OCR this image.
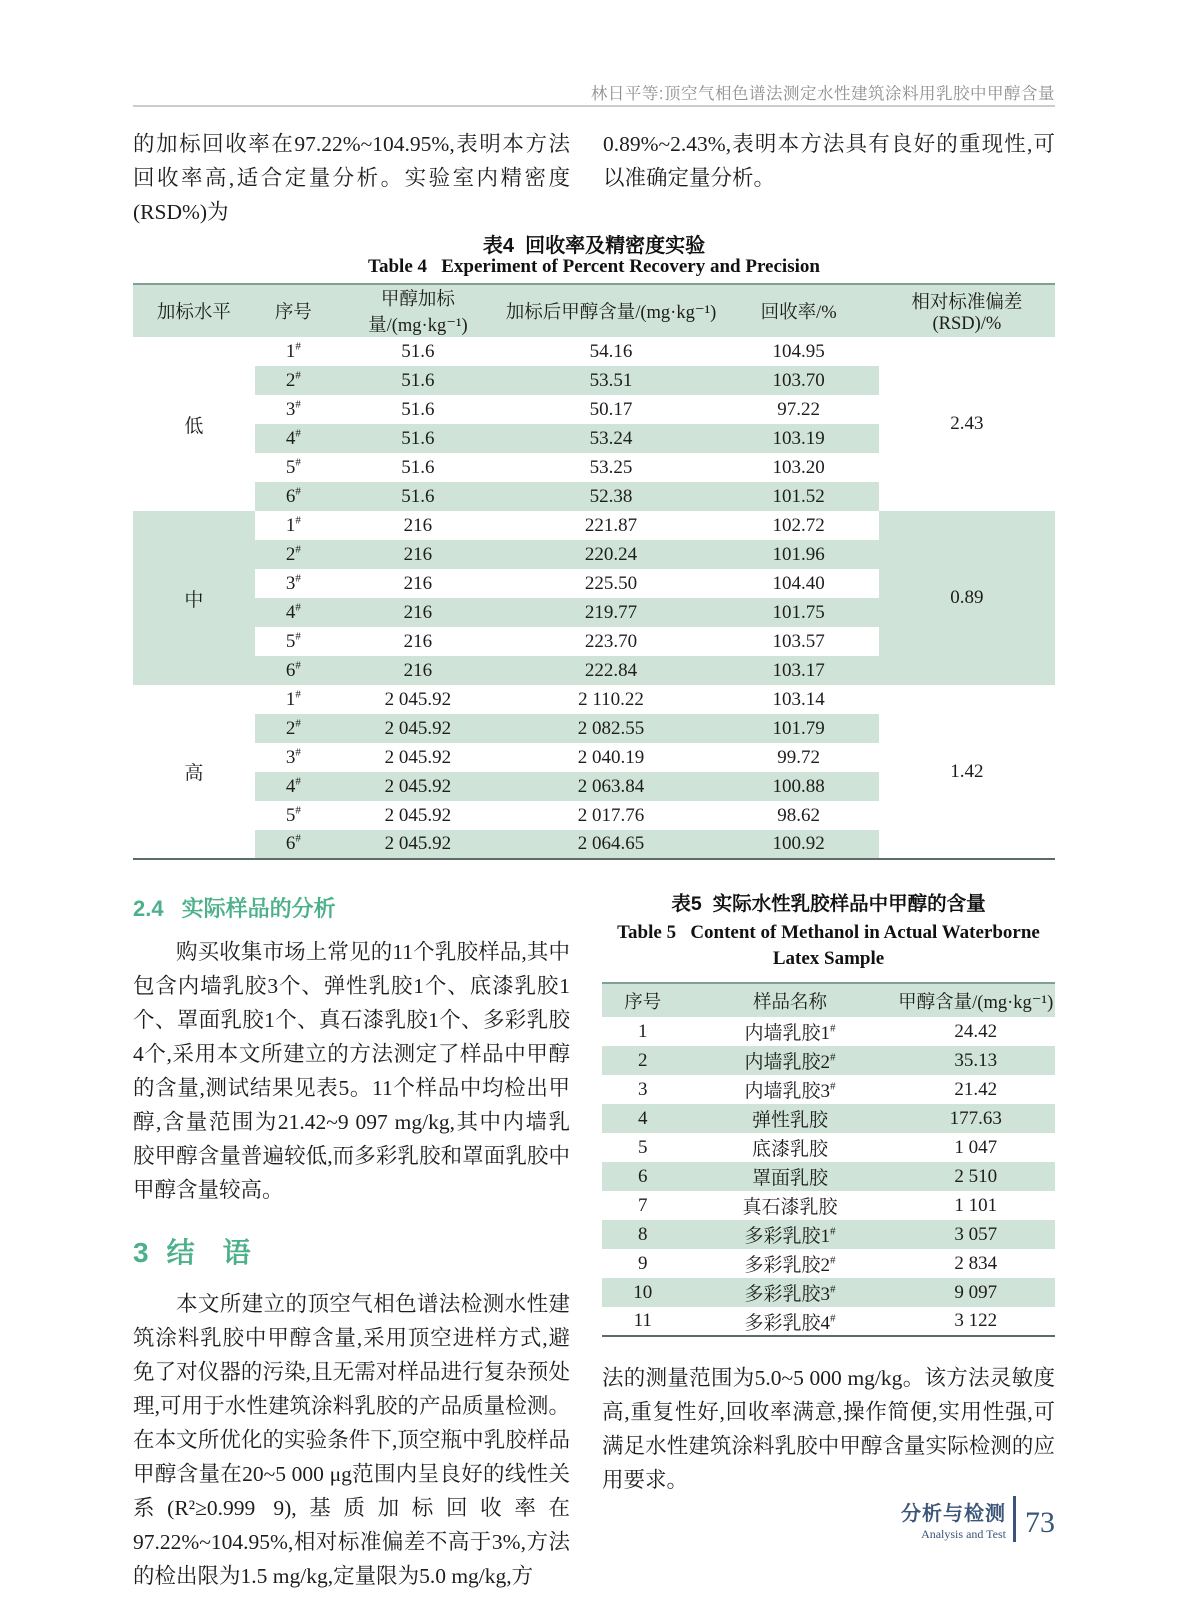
林日平等:顶空气相色谱法测定水性建筑涂料用乳胶中甲醇含量

的加标回收率在97.22%~104.95%,表明本方法回收率高,适合定量分析。实验室内精密度(RSD%)为

0.89%~2.43%,表明本方法具有良好的重现性,可以准确定量分析。

表4  回收率及精密度实验
Table 4   Experiment of Percent Recovery and Precision
加标水平	序号	甲醇加标量/(mg·kg⁻¹)	加标后甲醇含量/(mg·kg⁻¹)	回收率/%	相对标准偏差(RSD)/%
低	1#	51.6	54.16	104.95	2.43
	2#	51.6	53.51	103.70	
	3#	51.6	50.17	97.22	
	4#	51.6	53.24	103.19	
	5#	51.6	53.25	103.20	
	6#	51.6	52.38	101.52	
中	1#	216	221.87	102.72	0.89
	2#	216	220.24	101.96	
	3#	216	225.50	104.40	
	4#	216	219.77	101.75	
	5#	216	223.70	103.57	
	6#	216	222.84	103.17	
高	1#	2 045.92	2 110.22	103.14	1.42
	2#	2 045.92	2 082.55	101.79	
	3#	2 045.92	2 040.19	99.72	
	4#	2 045.92	2 063.84	100.88	
	5#	2 045.92	2 017.76	98.62	
	6#	2 045.92	2 064.65	100.92	
2.4 实际样品的分析

购买收集市场上常见的11个乳胶样品,其中包含内墙乳胶3个、弹性乳胶1个、底漆乳胶1个、罩面乳胶1个、真石漆乳胶1个、多彩乳胶4个,采用本文所建立的方法测定了样品中甲醇的含量,测试结果见表5。11个样品中均检出甲醇,含量范围为21.42~9 097 mg/kg,其中内墙乳胶甲醇含量普遍较低,而多彩乳胶和罩面乳胶中甲醇含量较高。

3 结　语

本文所建立的顶空气相色谱法检测水性建筑涂料乳胶中甲醇含量,采用顶空进样方式,避免了对仪器的污染,且无需对样品进行复杂预处理,可用于水性建筑涂料乳胶的产品质量检测。在本文所优化的实验条件下,顶空瓶中乳胶样品甲醇含量在20~5 000 μg范围内呈良好的线性关系(R²≥0.999 9),基质加标回收率在97.22%~104.95%,相对标准偏差不高于3%,方法的检出限为1.5 mg/kg,定量限为5.0 mg/kg,方

表5  实际水性乳胶样品中甲醇的含量
Table 5   Content of Methanol in Actual Waterborne Latex Sample
序号	样品名称	甲醇含量/(mg·kg⁻¹)
1	内墙乳胶1#	24.42
2	内墙乳胶2#	35.13
3	内墙乳胶3#	21.42
4	弹性乳胶	177.63
5	底漆乳胶	1 047
6	罩面乳胶	2 510
7	真石漆乳胶	1 101
8	多彩乳胶1#	3 057
9	多彩乳胶2#	2 834
10	多彩乳胶3#	9 097
11	多彩乳胶4#	3 122

法的测量范围为5.0~5 000 mg/kg。该方法灵敏度高,重复性好,回收率满意,操作简便,实用性强,可满足水性建筑涂料乳胶中甲醇含量实际检测的应用要求。

分析与检测
Analysis and Test 73
